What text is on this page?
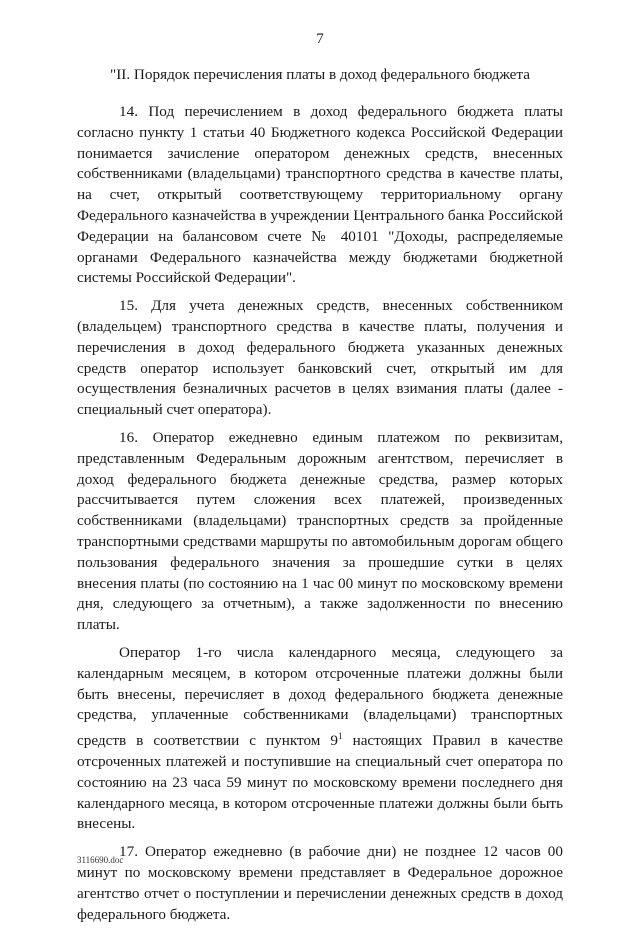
7
"II. Порядок перечисления платы в доход федерального бюджета

14. Под перечислением в доход федерального бюджета платы согласно пункту 1 статьи 40 Бюджетного кодекса Российской Федерации понимается зачисление оператором денежных средств, внесенных собственниками (владельцами) транспортного средства в качестве платы, на счет, открытый соответствующему территориальному органу Федерального казначейства в учреждении Центрального банка Российской Федерации на балансовом счете № 40101 "Доходы, распределяемые органами Федерального казначейства между бюджетами бюджетной системы Российской Федерации".

15. Для учета денежных средств, внесенных собственником (владельцем) транспортного средства в качестве платы, получения и перечисления в доход федерального бюджета указанных денежных средств оператор использует банковский счет, открытый им для осуществления безналичных расчетов в целях взимания платы (далее - специальный счет оператора).

16. Оператор ежедневно единым платежом по реквизитам, представленным Федеральным дорожным агентством, перечисляет в доход федерального бюджета денежные средства, размер которых рассчитывается путем сложения всех платежей, произведенных собственниками (владельцами) транспортных средств за пройденные транспортными средствами маршруты по автомобильным дорогам общего пользования федерального значения за прошедшие сутки в целях внесения платы (по состоянию на 1 час 00 минут по московскому времени дня, следующего за отчетным), а также задолженности по внесению платы.

Оператор 1-го числа календарного месяца, следующего за календарным месяцем, в котором отсроченные платежи должны были быть внесены, перечисляет в доход федерального бюджета денежные средства, уплаченные собственниками (владельцами) транспортных средств в соответствии с пунктом $9^1$ настоящих Правил в качестве отсроченных платежей и поступившие на специальный счет оператора по состоянию на 23 часа 59 минут по московскому времени последнего дня календарного месяца, в котором отсроченные платежи должны были быть внесены.

17. Оператор ежедневно (в рабочие дни) не позднее 12 часов 00 минут по московскому времени представляет в Федеральное дорожное агентство отчет о поступлении и перечислении денежных средств в доход федерального бюджета.

3116690.doc
